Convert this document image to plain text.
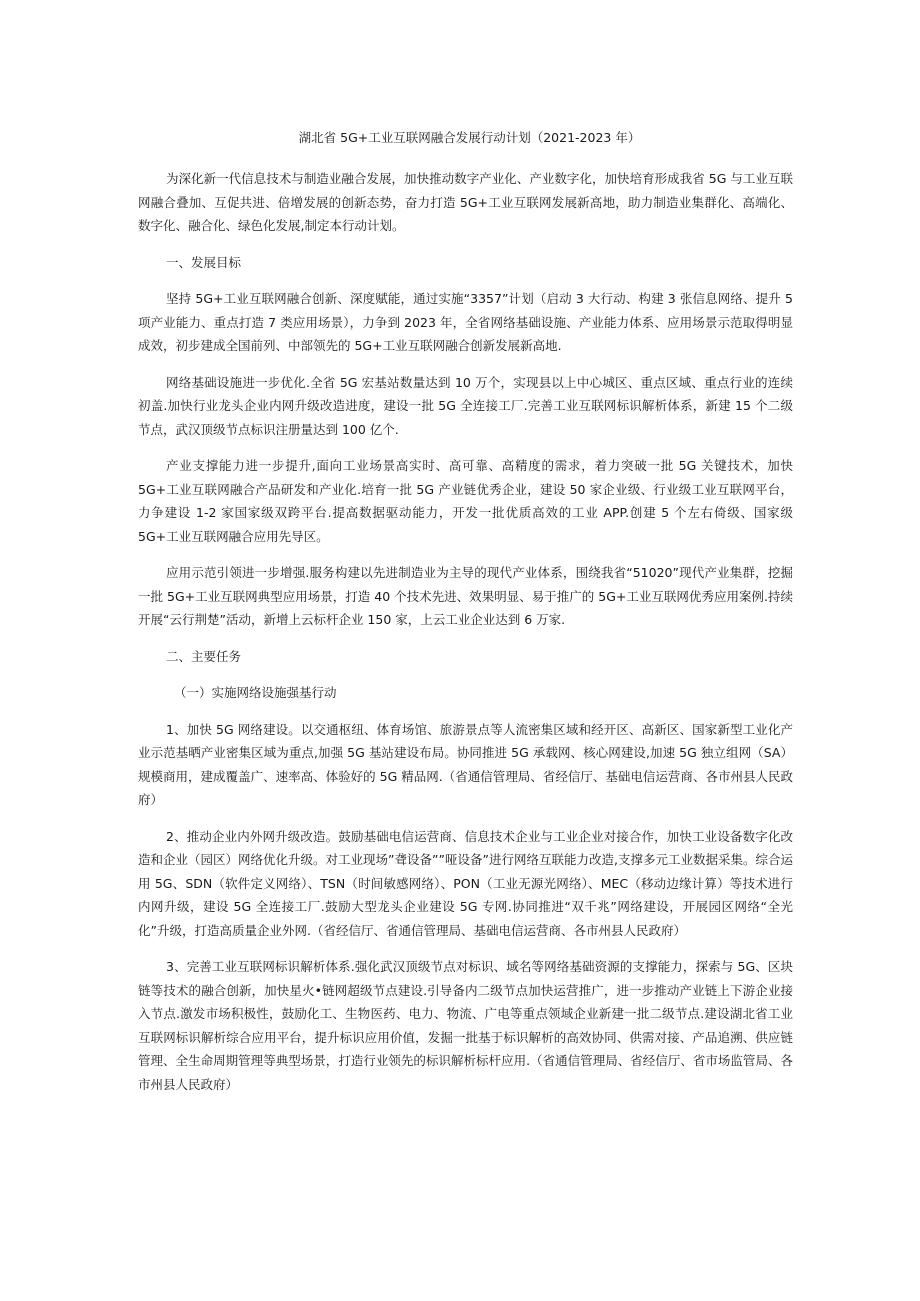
湖北省 5G+工业互联网融合发展行动计划（2021-2023 年）

为深化新一代信息技术与制造业融合发展，加快推动数字产业化、产业数字化，加快培育形成我省 5G 与工业互联网融合叠加、互促共进、倍增发展的创新态势，奋力打造 5G+工业互联网发展新高地，助力制造业集群化、高端化、数字化、融合化、绿色化发展,制定本行动计划。

一、发展目标

坚持 5G+工业互联网融合创新、深度赋能，通过实施“3357”计划（启动 3 大行动、构建 3 张信息网络、提升 5 项产业能力、重点打造 7 类应用场景），力争到 2023 年，全省网络基础设施、产业能力体系、应用场景示范取得明显成效，初步建成全国前列、中部领先的 5G+工业互联网融合创新发展新高地.

网络基础设施进一步优化.全省 5G 宏基站数量达到 10 万个，实现县以上中心城区、重点区域、重点行业的连续初盖.加快行业龙头企业内网升级改造进度，建设一批 5G 全连接工厂.完善工业互联网标识解析体系，新建 15 个二级节点，武汉顶级节点标识注册量达到 100 亿个.

产业支撑能力进一步提升,面向工业场景高实时、高可靠、高精度的需求，着力突破一批 5G 关键技术，加快 5G+工业互联网融合产品研发和产业化.培育一批 5G 产业链优秀企业，建设 50 家企业级、行业级工业互联网平台，力争建设 1-2 家国家级双跨平台.提高数据驱动能力，开发一批优质高效的工业 APP.创建 5 个左右倚级、国家级 5G+工业互联网融合应用先导区。

应用示范引领进一步增强.服务构建以先进制造业为主导的现代产业体系，围绕我省“51020”现代产业集群，挖掘一批 5G+工业互联网典型应用场景，打造 40 个技术先进、效果明显、易于推广的 5G+工业互联网优秀应用案例.持续开展“云行荆楚”活动，新增上云标杆企业 150 家，上云工业企业达到 6 万家.

二、主要任务

（一）实施网络设施强基行动

1、加快 5G 网络建设。以交通枢纽、体育场馆、旅游景点等人流密集区域和经开区、高新区、国家新型工业化产业示范基晒产业密集区域为重点,加强 5G 基站建设布局。协同推进 5G 承载网、核心网建设,加速 5G 独立组网（SA）规模商用，建成覆盖广、速率高、体验好的 5G 精品网.（省通信管理局、省经信厅、基础电信运营商、各市州县人民政府）

2、推动企业内外网升级改造。鼓励基础电信运营商、信息技术企业与工业企业对接合作，加快工业设备数字化改造和企业（园区）网络优化升级。对工业现场”聋设备””哑设备”进行网络互联能力改造,支撑多元工业数据采集。综合运用 5G、SDN（软件定义网络）、TSN（时间敏感网络）、PON（工业无源光网络）、MEC（移动边缘计算）等技术进行内网升级，建设 5G 全连接工厂.鼓励大型龙头企业建设 5G 专网.协同推进“双千兆”网络建设，开展园区网络“全光化”升级，打造高质量企业外网.（省经信厅、省通信管理局、基础电信运营商、各市州县人民政府）

3、完善工业互联网标识解析体系.强化武汉顶级节点对标识、域名等网络基础资源的支撑能力，探索与 5G、区块链等技术的融合创新，加快星火•链网超级节点建设.引导备内二级节点加快运营推广，进一步推动产业链上下游企业接入节点.激发市场积极性，鼓励化工、生物医药、电力、物流、广电等重点领域企业新建一批二级节点.建设湖北省工业互联网标识解析综合应用平台，提升标识应用价值，发掘一批基于标识解析的高效协同、供需对接、产品追溯、供应链管理、全生命周期管理等典型场景，打造行业领先的标识解析标杆应用.（省通信管理局、省经信厅、省市场监管局、各市州县人民政府）
